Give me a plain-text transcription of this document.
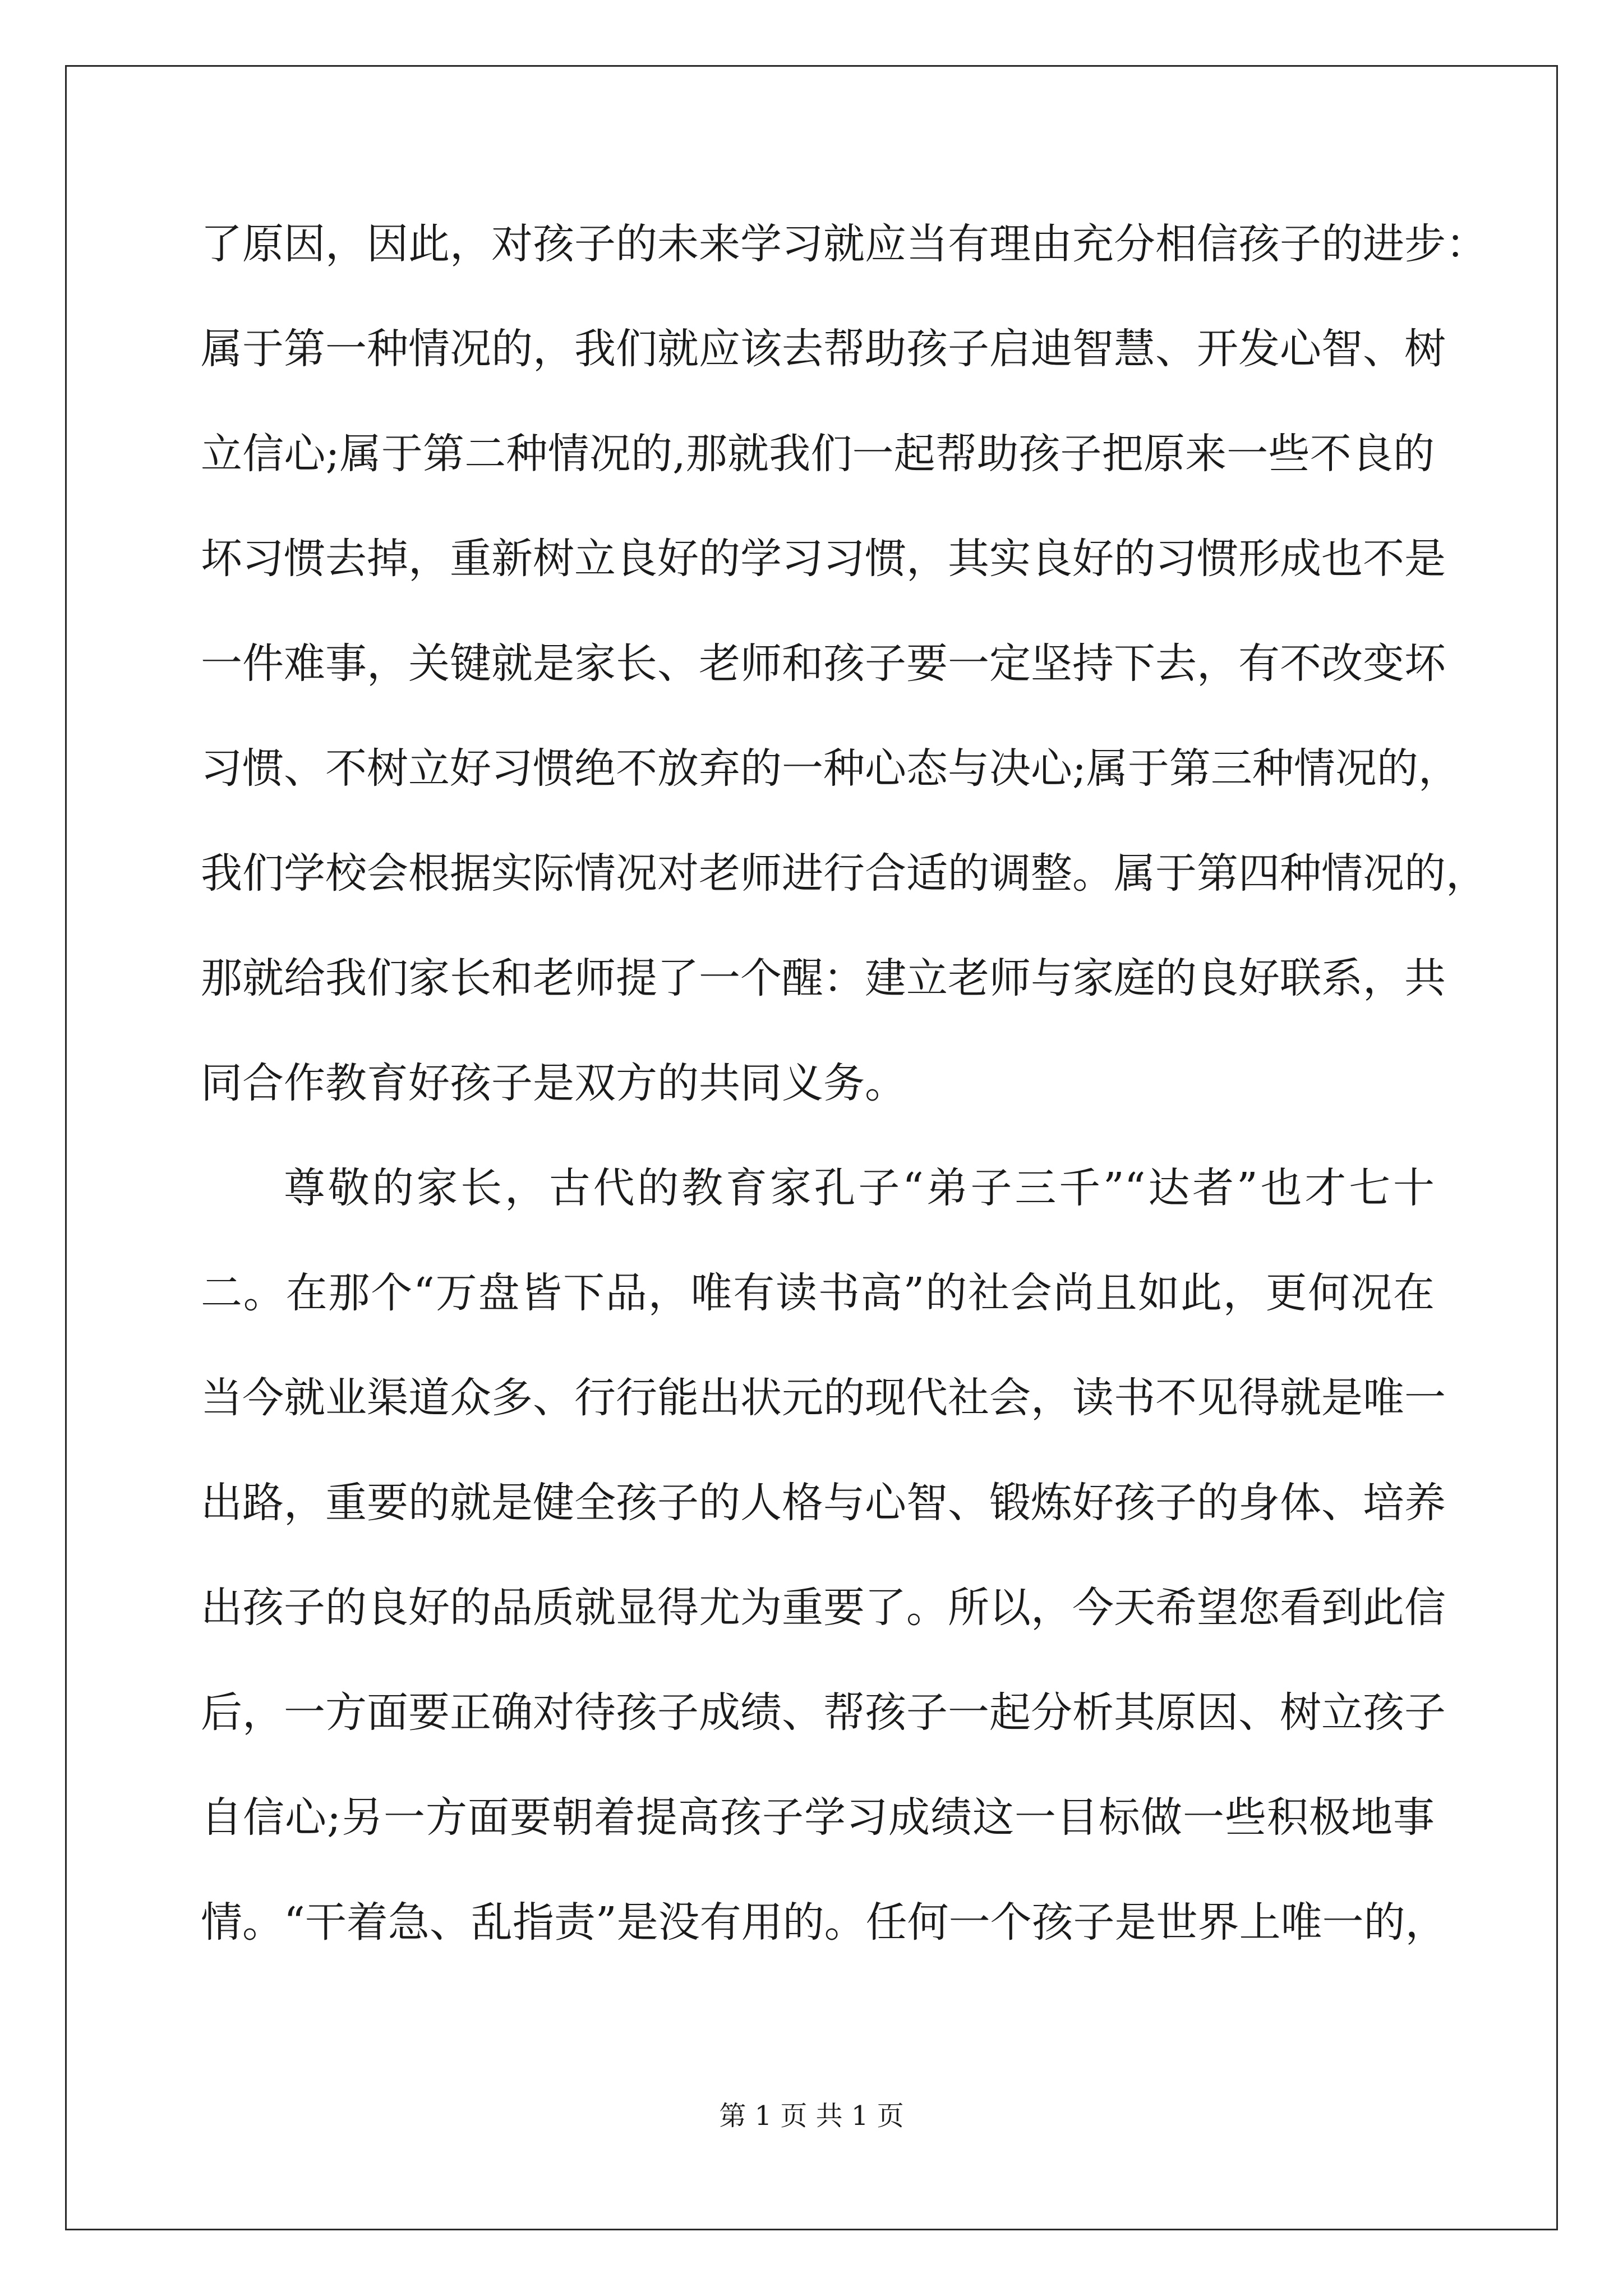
了原因，因此，对孩子的未来学习就应当有理由充分相信孩子的进步：
属于第一种情况的，我们就应该去帮助孩子启迪智慧、开发心智、树
立信心;属于第二种情况的,那就我们一起帮助孩子把原来一些不良的
坏习惯去掉，重新树立良好的学习习惯，其实良好的习惯形成也不是
一件难事，关键就是家长、老师和孩子要一定坚持下去，有不改变坏
习惯、不树立好习惯绝不放弃的一种心态与决心;属于第三种情况的，
我们学校会根据实际情况对老师进行合适的调整。属于第四种情况的，
那就给我们家长和老师提了一个醒：建立老师与家庭的良好联系，共
同合作教育好孩子是双方的共同义务。
尊敬的家长，古代的教育家孔子“弟子三千”“达者”也才七十
二。在那个“万盘皆下品，唯有读书高”的社会尚且如此，更何况在
当今就业渠道众多、行行能出状元的现代社会，读书不见得就是唯一
出路，重要的就是健全孩子的人格与心智、锻炼好孩子的身体、培养
出孩子的良好的品质就显得尤为重要了。所以，今天希望您看到此信
后，一方面要正确对待孩子成绩、帮孩子一起分析其原因、树立孩子
自信心;另一方面要朝着提高孩子学习成绩这一目标做一些积极地事
情。“干着急、乱指责”是没有用的。任何一个孩子是世界上唯一的，
第 1 页 共 1 页
